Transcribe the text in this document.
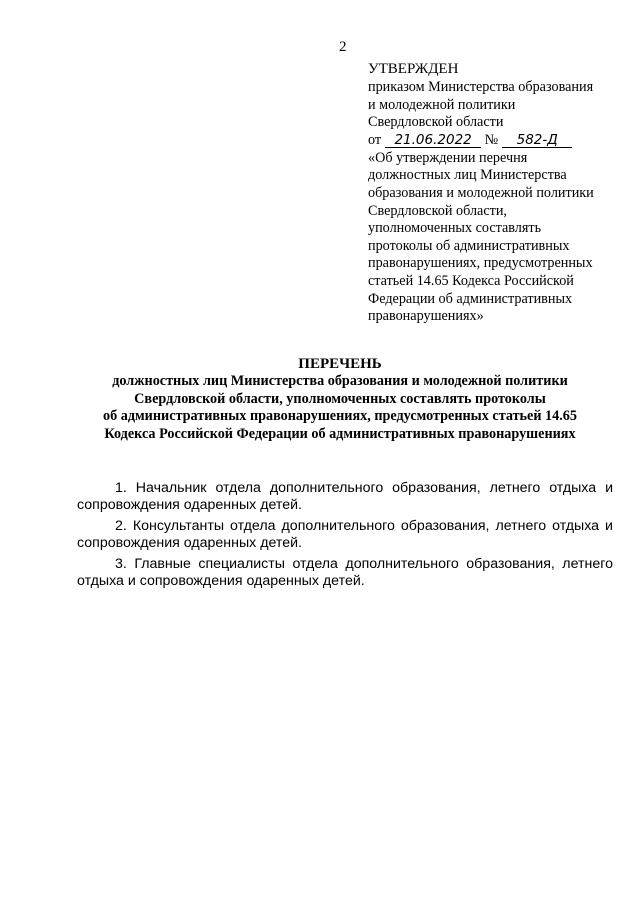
2
УТВЕРЖДЕН
приказом Министерства образования
и молодежной политики
Свердловской области
от 21.06.2022 № 582-Д
«Об утверждении перечня
должностных лиц Министерства
образования и молодежной политики
Свердловской области,
уполномоченных составлять
протоколы об административных
правонарушениях, предусмотренных
статьей 14.65 Кодекса Российской
Федерации об административных
правонарушениях»
ПЕРЕЧЕНЬ
должностных лиц Министерства образования и молодежной политики
Свердловской области, уполномоченных составлять протоколы
об административных правонарушениях, предусмотренных статьей 14.65
Кодекса Российской Федерации об административных правонарушениях

1. Начальник отдела дополнительного образования, летнего отдыха и сопровождения одаренных детей.

2. Консультанты отдела дополнительного образования, летнего отдыха и сопровождения одаренных детей.

3. Главные специалисты отдела дополнительного образования, летнего отдыха и сопровождения одаренных детей.
